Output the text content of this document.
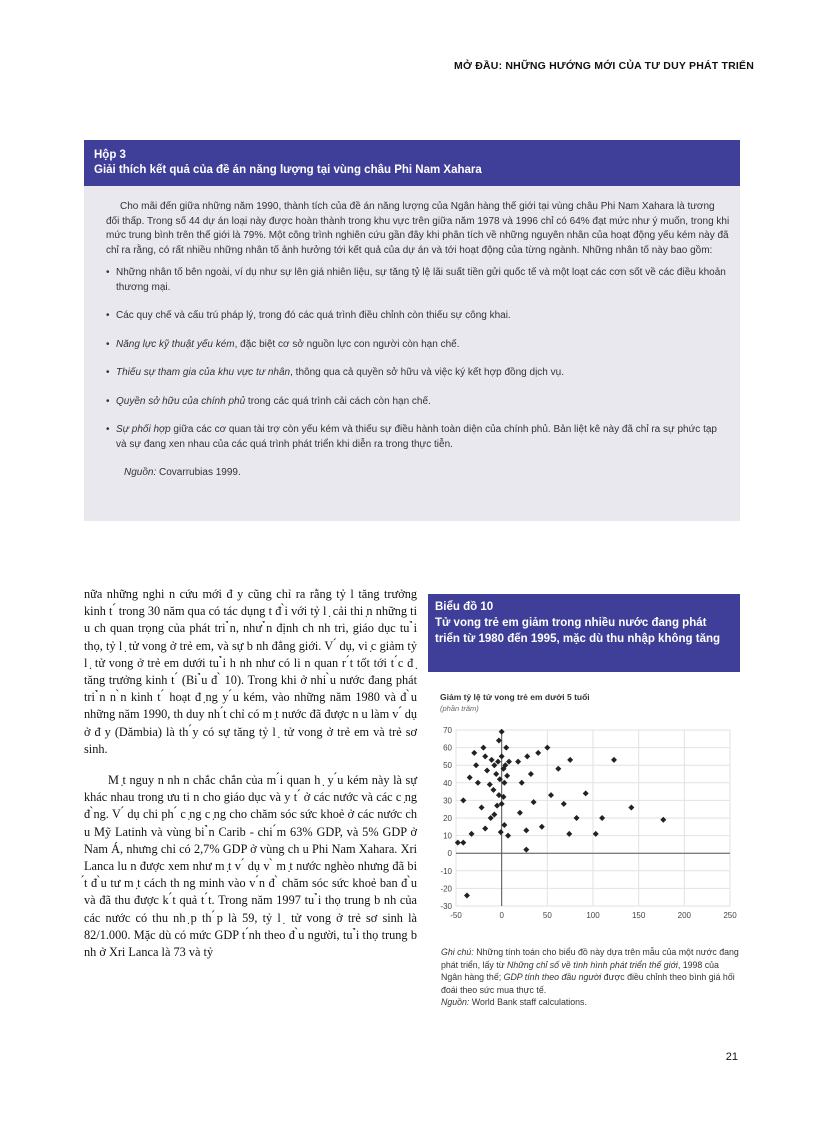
MỞ ĐẦU: NHỮNG HƯỚNG MỚI CỦA TƯ DUY PHÁT TRIỂN
Hộp 3
Giải thích kết quả của đề án năng lượng tại vùng châu Phi Nam Xahara

Cho mãi đến giữa những năm 1990, thành tích của đề án năng lượng của Ngân hàng thế giới tại vùng châu Phi Nam Xahara là tương đối thấp. Trong số 44 dự án loại này được hoàn thành trong khu vực trên giữa năm 1978 và 1996 chỉ có 64% đạt mức như ý muốn, trong khi mức trung bình trên thế giới là 79%. Một công trình nghiên cứu gần đây khi phân tích về những nguyên nhân của hoạt động yếu kém này đã chỉ ra rằng, có rất nhiều những nhân tố ảnh hưởng tới kết quả của dự án và tới hoạt động của từng ngành. Những nhân tố này bao gồm:

• Những nhân tố bên ngoài, ví dụ như sự lên giá nhiên liệu, sự tăng tỷ lệ lãi suất tiền gửi quốc tế và một loạt các cơn sốt về các điều khoản thương mại.
• Các quy chế và cấu trú pháp lý, trong đó các quá trình điều chỉnh còn thiếu sự công khai.
• Năng lực kỹ thuật yếu kém, đặc biệt cơ sở nguồn lực con người còn hạn chế.
• Thiếu sự tham gia của khu vực tư nhân, thông qua cả quyền sở hữu và việc ký kết hợp đồng dịch vụ.
• Quyền sở hữu của chính phủ trong các quá trình cải cách còn hạn chế.
• Sự phối hợp giữa các cơ quan tài trợ còn yếu kém và thiếu sự điều hành toàn diện của chính phủ. Bản liệt kê này đã chỉ ra sự phức tạp và sự đang xen nhau của các quá trình phát triển khi diễn ra trong thực tiễn.

Nguồn: Covarrubias 1999.

nữa những nghi n cứu mới đ y cũng chỉ ra rằng tỷ l tăng trưởng kinh t ́ trong 30 năm qua có tác dụng t đ ̀i với tỷ l ̣ cải thi ̣n những ti u ch quan trọng của phát tri ̉n, như ̉n định ch nh tri, giáo dục tu ̉i thọ, tỷ l ̣ tử vong ở trẻ em, và sự b nh đẳng giới. V ́ dụ, vi ̣c giảm tỷ l ̣ tử vong ở trẻ em dưới tu ̉i h nh như có li n quan r ́t tốt tới t ́c đ ̣ tăng trưởng kinh t ́ (Bi ̉u đ ̀ 10). Trong khi ở nhi ̀u nước đang phát tri ̉n n ̀n kinh t ́ hoạt đ ̣ng y ́u kém, vào những năm 1980 và đ ̀u những năm 1990, th duy nh ́t chỉ có m ̣t nước đã được n u làm v ́ dụ ở đ y (Dămbia) là th ́y có sự tăng tỷ l ̣ tử vong ở trẻ em và trẻ sơ sinh.

M ̣t nguy n nh n chắc chắn của m ́i quan h ̣ y ́u kém này là sự khác nhau trong ưu ti n cho giáo dục và y t ́ ở các nước và các c ̣ng đ ̀ng. V ́ dụ chi ph ́ c ̣ng c ̣ng cho chăm sóc sức khoẻ ở các nước ch u Mỹ Latinh và vùng bi ̉n Carib - chi ́m 63% GDP, và 5% GDP ở Nam Á, nhưng chỉ có 2,7% GDP ở vùng ch u Phi Nam Xahara. Xri Lanca lu n được xem như m ̣t v ́ dụ v ̀ m ̣t nước nghèo nhưng đã bi ́t đ ̀u tư m ̣t cách th ng minh vào v ́n đ ̀ chăm sóc sức khoẻ ban đ ̀u và đã thu được k ́t quả t ́t. Trong năm 1997 tu ̉i thọ trung b nh của các nước có thu nh ̣p th ́p là 59, tỷ l ̣ tử vong ở trẻ sơ sinh là 82/1.000. Mặc dù có mức GDP t ́nh theo đ ̀u người, tu ̉i thọ trung b nh ở Xri Lanca là 73 và tỷ

Biểu đồ 10
Tử vong trẻ em giảm trong nhiều nước đang phát triển từ 1980 đến 1995, mặc dù thu nhập không tăng
Giảm tỷ lệ tử vong trẻ em dưới 5 tuổi
(phần trăm)
70
60
50
40
30
20
10
0
-10
-20
-30
-50	0	50	100	150	200	250

Ghi chú: Những tính toán cho biểu đồ này dựa trên mẫu của một nước đang phát triển, lấy từ Những chỉ số về tình hình phát triển thế giới, 1998 của Ngân hàng thế; GDP tính theo đầu người được điều chỉnh theo bình giá hối đoái theo sức mua thực tế.

Nguồn: World Bank staff calculations.

21
